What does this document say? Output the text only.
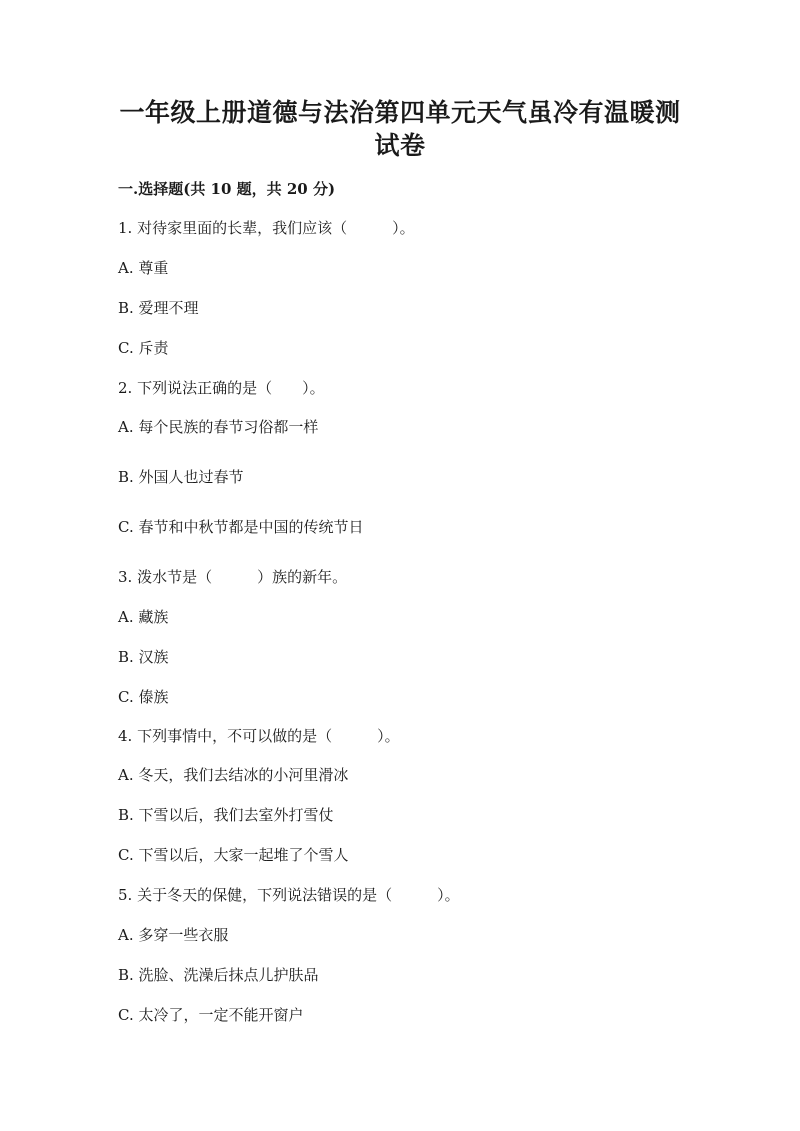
一年级上册道德与法治第四单元天气虽冷有温暖测
试卷
一.选择题(共 10 题，共 20 分)
1. 对待家里面的长辈，我们应该（　　　）。
A. 尊重
B. 爱理不理
C. 斥责
2. 下列说法正确的是（　　）。
A. 每个民族的春节习俗都一样
B. 外国人也过春节
C. 春节和中秋节都是中国的传统节日
3. 泼水节是（　　　）族的新年。
A. 藏族
B. 汉族
C. 傣族
4. 下列事情中，不可以做的是（　　　）。
A. 冬天，我们去结冰的小河里滑冰
B. 下雪以后，我们去室外打雪仗
C. 下雪以后，大家一起堆了个雪人
5. 关于冬天的保健，下列说法错误的是（　　　）。
A. 多穿一些衣服
B. 洗脸、洗澡后抹点儿护肤品
C. 太冷了，一定不能开窗户
